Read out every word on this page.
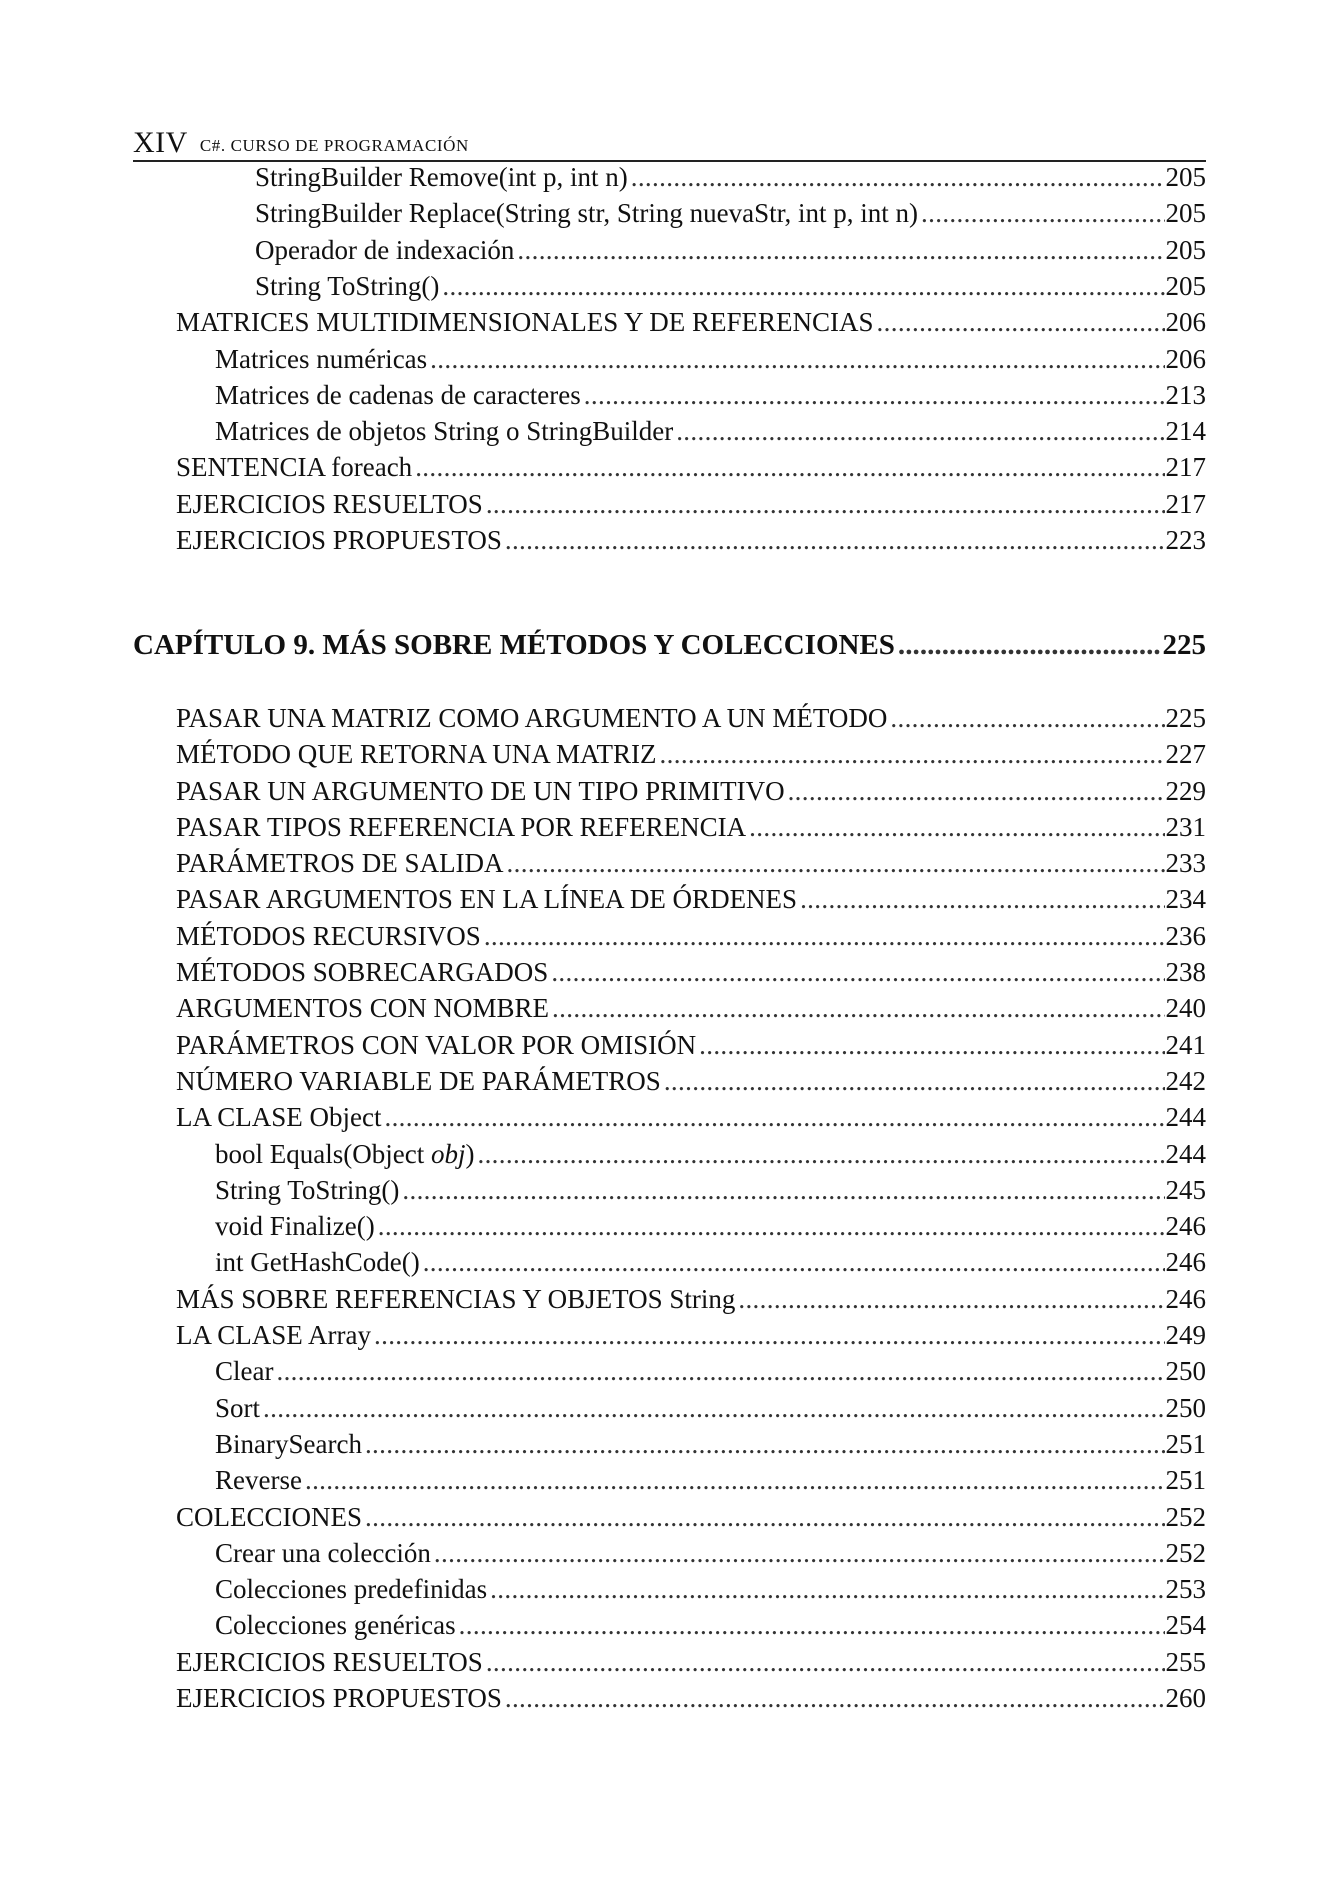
XIV C#. CURSO DE PROGRAMACIÓN
StringBuilder Remove(int p, int n) . . .	205
StringBuilder Replace(String str, String nuevaStr, int p, int n) . . .	205
Operador de indexación . . .	205
String ToString() . . .	205
MATRICES MULTIDIMENSIONALES Y DE REFERENCIAS . . .	206
Matrices numéricas . . .	206
Matrices de cadenas de caracteres . . .	213
Matrices de objetos String o StringBuilder . . .	214
SENTENCIA foreach . . .	217
EJERCICIOS RESUELTOS . . .	217
EJERCICIOS PROPUESTOS . . .	223
CAPÍTULO 9. MÁS SOBRE MÉTODOS Y COLECCIONES . . .	225
PASAR UNA MATRIZ COMO ARGUMENTO A UN MÉTODO . . .	225
MÉTODO QUE RETORNA UNA MATRIZ . . .	227
PASAR UN ARGUMENTO DE UN TIPO PRIMITIVO . . .	229
PASAR TIPOS REFERENCIA POR REFERENCIA . . .	231
PARÁMETROS DE SALIDA . . .	233
PASAR ARGUMENTOS EN LA LÍNEA DE ÓRDENES . . .	234
MÉTODOS RECURSIVOS . . .	236
MÉTODOS SOBRECARGADOS . . .	238
ARGUMENTOS CON NOMBRE . . .	240
PARÁMETROS CON VALOR POR OMISIÓN . . .	241
NÚMERO VARIABLE DE PARÁMETROS . . .	242
LA CLASE Object . . .	244
bool Equals(Object obj) . . .	244
String ToString() . . .	245
void Finalize() . . .	246
int GetHashCode() . . .	246
MÁS SOBRE REFERENCIAS Y OBJETOS String . . .	246
LA CLASE Array . . .	249
Clear . . .	250
Sort . . .	250
BinarySearch . . .	251
Reverse . . .	251
COLECCIONES . . .	252
Crear una colección . . .	252
Colecciones predefinidas . . .	253
Colecciones genéricas . . .	254
EJERCICIOS RESUELTOS . . .	255
EJERCICIOS PROPUESTOS . . .	260
